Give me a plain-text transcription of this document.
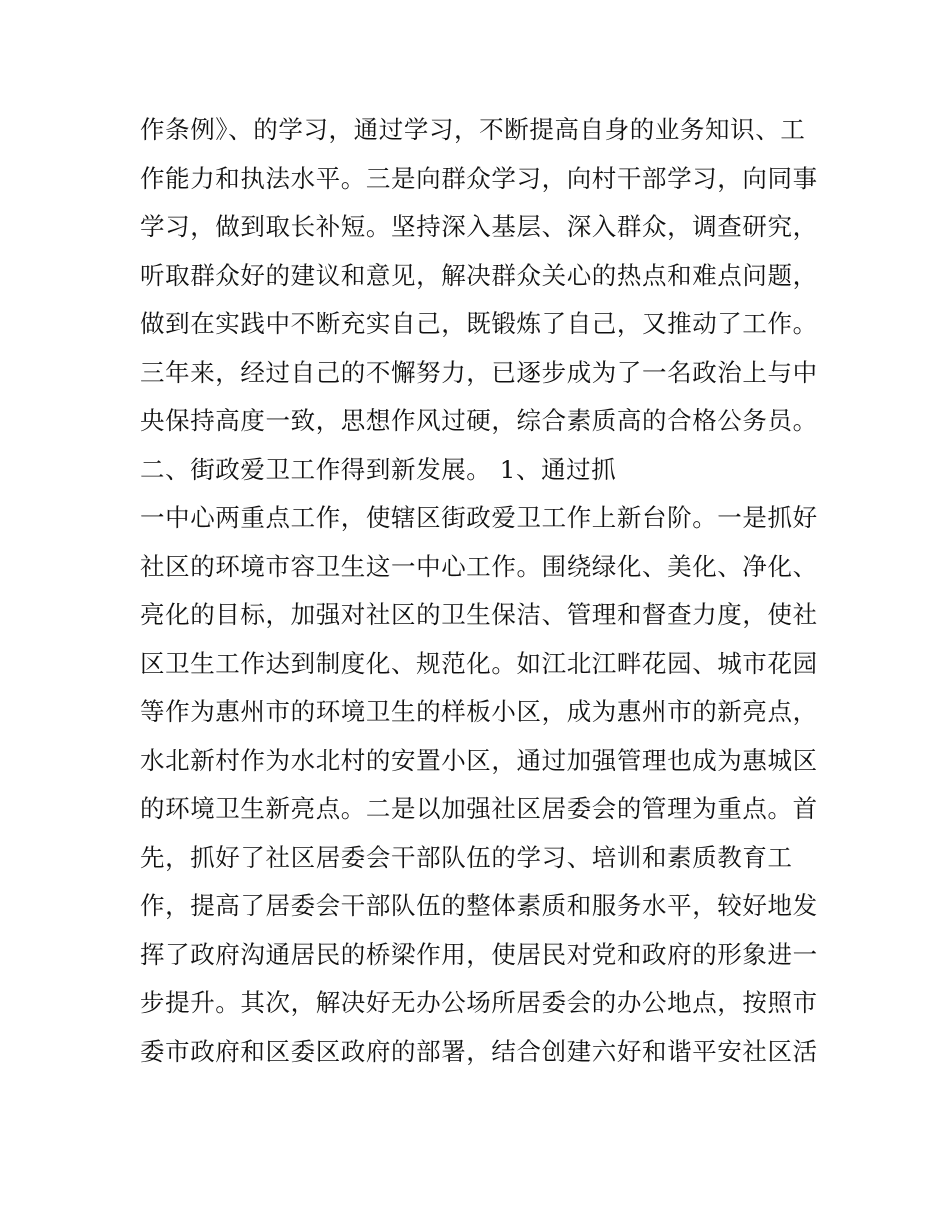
作条例》、的学习，通过学习，不断提高自身的业务知识、工
作能力和执法水平。三是向群众学习，向村干部学习，向同事
学习，做到取长补短。坚持深入基层、深入群众，调查研究，
听取群众好的建议和意见，解决群众关心的热点和难点问题，
做到在实践中不断充实自己，既锻炼了自己，又推动了工作。
三年来，经过自己的不懈努力，已逐步成为了一名政治上与中
央保持高度一致，思想作风过硬，综合素质高的合格公务员。
二、街政爱卫工作得到新发展。 1、通过抓
一中心两重点工作，使辖区街政爱卫工作上新台阶。一是抓好
社区的环境市容卫生这一中心工作。围绕绿化、美化、净化、
亮化的目标，加强对社区的卫生保洁、管理和督查力度，使社
区卫生工作达到制度化、规范化。如江北江畔花园、城市花园
等作为惠州市的环境卫生的样板小区，成为惠州市的新亮点，
水北新村作为水北村的安置小区，通过加强管理也成为惠城区
的环境卫生新亮点。二是以加强社区居委会的管理为重点。首
先，抓好了社区居委会干部队伍的学习、培训和素质教育工
作，提高了居委会干部队伍的整体素质和服务水平，较好地发
挥了政府沟通居民的桥梁作用，使居民对党和政府的形象进一
步提升。其次，解决好无办公场所居委会的办公地点，按照市
委市政府和区委区政府的部署，结合创建六好和谐平安社区活
